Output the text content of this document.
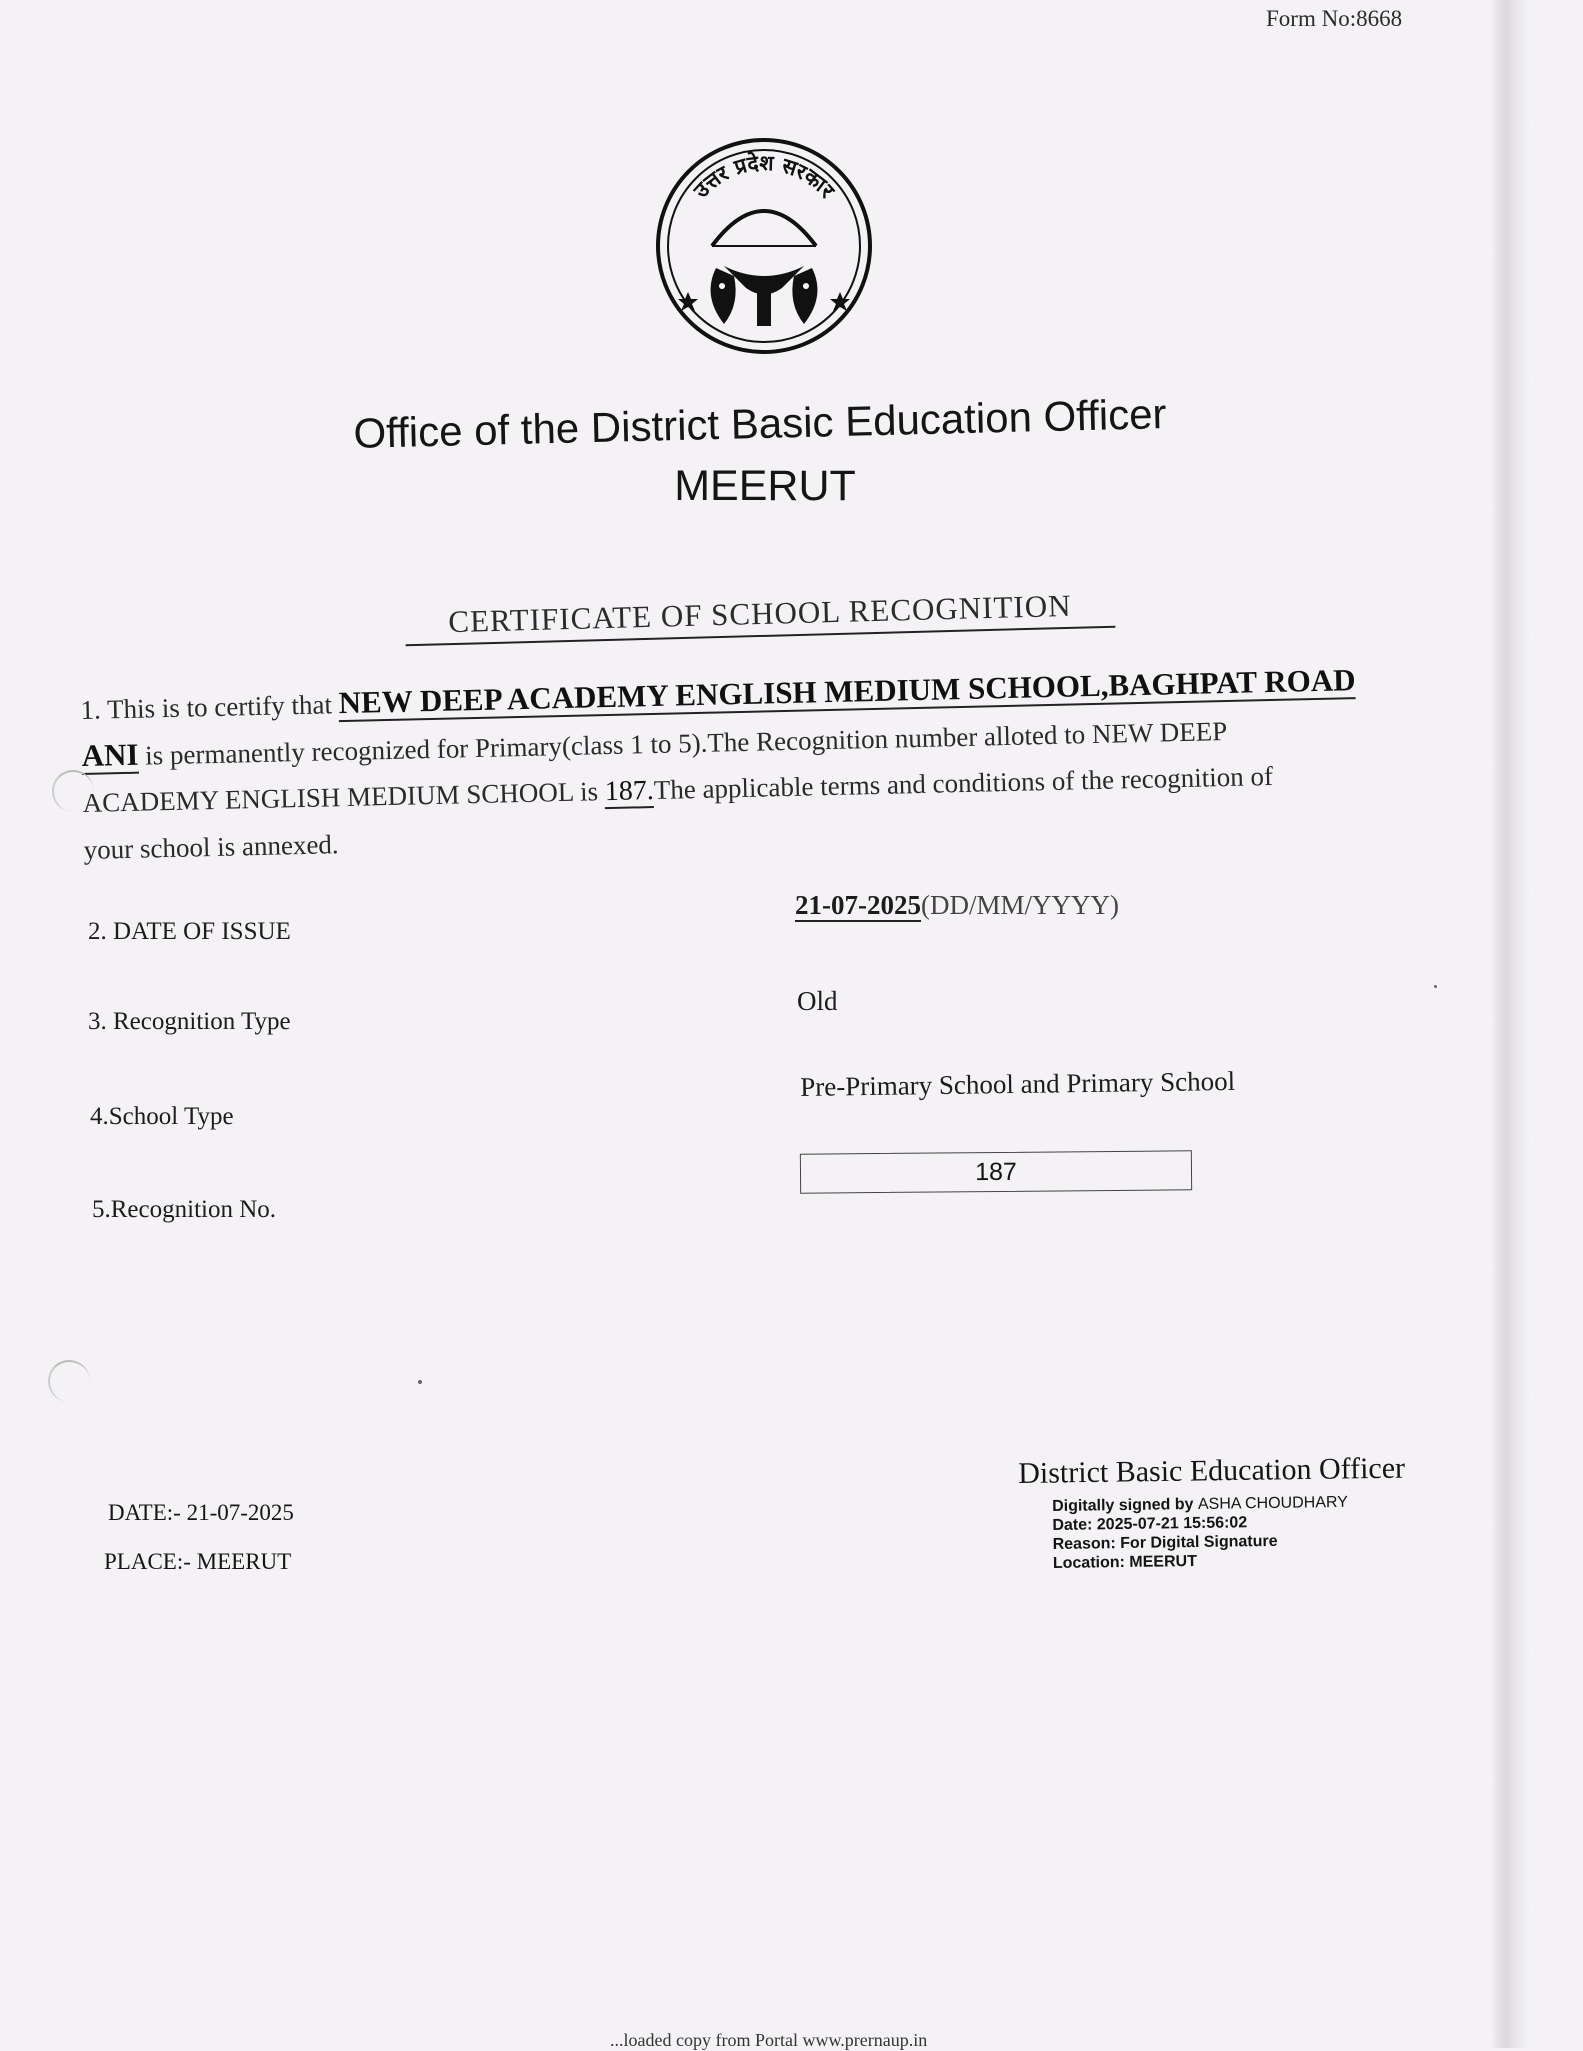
Form No:8668
उत्तर प्रदेश सरकार
Office of the District Basic Education Officer
MEERUT
CERTIFICATE OF SCHOOL RECOGNITION
1. This is to certify that NEW DEEP ACADEMY ENGLISH MEDIUM SCHOOL,BAGHPAT ROAD
ANI is permanently recognized for Primary(class 1 to 5).The Recognition number alloted to NEW DEEP
ACADEMY ENGLISH MEDIUM SCHOOL is 187.The applicable terms and conditions of the recognition of
your school is annexed.
2. DATE OF ISSUE
21-07-2025(DD/MM/YYYY)
3. Recognition Type
Old
4.School Type
Pre-Primary School and Primary School
5.Recognition No.
187
District Basic Education Officer
Digitally signed by ASHA CHOUDHARY
Date: 2025-07-21 15:56:02
Reason: For Digital Signature
Location: MEERUT
DATE:- 21-07-2025
PLACE:- MEERUT
...loaded copy from Portal www.prernaup.in
